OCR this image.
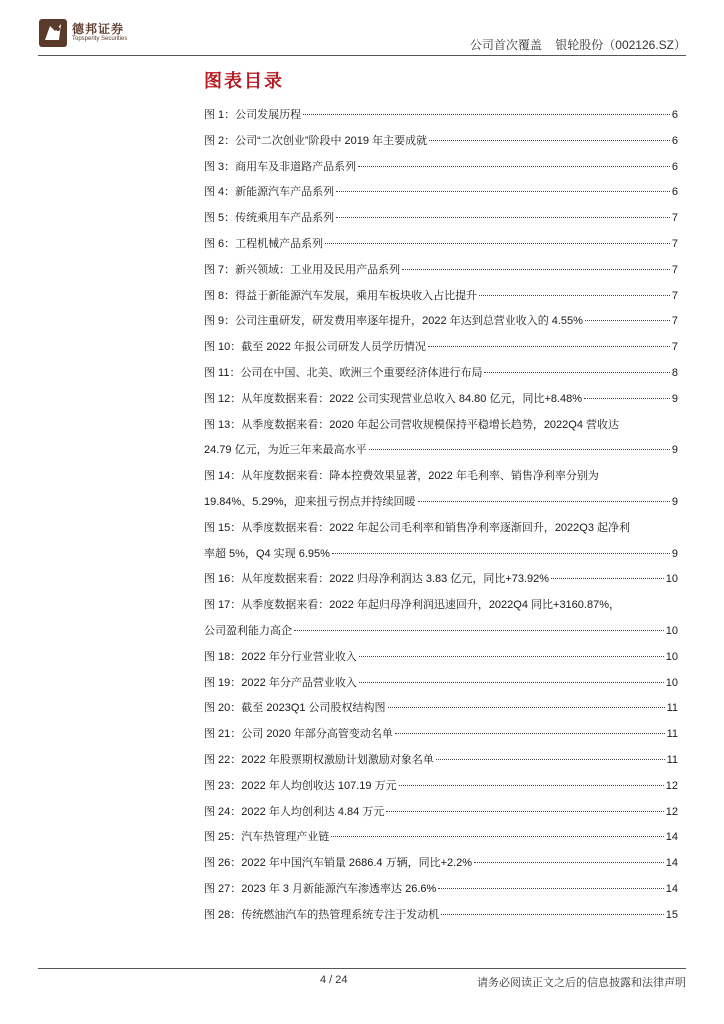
德邦证券
Topsperity Securities	公司首次覆盖 银轮股份（002126.SZ）
图表目录
图 1：公司发展历程	6
图 2：公司“二次创业”阶段中 2019 年主要成就	6
图 3：商用车及非道路产品系列	6
图 4：新能源汽车产品系列	6
图 5：传统乘用车产品系列	7
图 6：工程机械产品系列	7
图 7：新兴领域：工业用及民用产品系列	7
图 8：得益于新能源汽车发展，乘用车板块收入占比提升	7
图 9：公司注重研发，研发费用率逐年提升，2022 年达到总营业收入的 4.55%	7
图 10：截至 2022 年报公司研发人员学历情况	7
图 11：公司在中国、北美、欧洲三个重要经济体进行布局	8
图 12：从年度数据来看：2022 公司实现营业总收入 84.80 亿元，同比+8.48%	9
图 13：从季度数据来看：2020 年起公司营收规模保持平稳增长趋势，2022Q4 营收达
24.79 亿元，为近三年来最高水平	9
图 14：从年度数据来看：降本控费效果显著，2022 年毛利率、销售净利率分别为
19.84%、5.29%，迎来扭亏拐点并持续回暖	9
图 15：从季度数据来看：2022 年起公司毛利率和销售净利率逐渐回升，2022Q3 起净利
率超 5%，Q4 实现 6.95%	9
图 16：从年度数据来看：2022 归母净利润达 3.83 亿元，同比+73.92%	10
图 17：从季度数据来看：2022 年起归母净利润迅速回升，2022Q4 同比+3160.87%，
公司盈利能力高企	10
图 18：2022 年分行业营业收入	10
图 19：2022 年分产品营业收入	10
图 20：截至 2023Q1 公司股权结构图	11
图 21：公司 2020 年部分高管变动名单	11
图 22：2022 年股票期权激励计划激励对象名单	11
图 23：2022 年人均创收达 107.19 万元	12
图 24：2022 年人均创利达 4.84 万元	12
图 25：汽车热管理产业链	14
图 26：2022 年中国汽车销量 2686.4 万辆，同比+2.2%	14
图 27：2023 年 3 月新能源汽车渗透率达 26.6%	14
图 28：传统燃油汽车的热管理系统专注于发动机	15
4 / 24	请务必阅读正文之后的信息披露和法律声明
